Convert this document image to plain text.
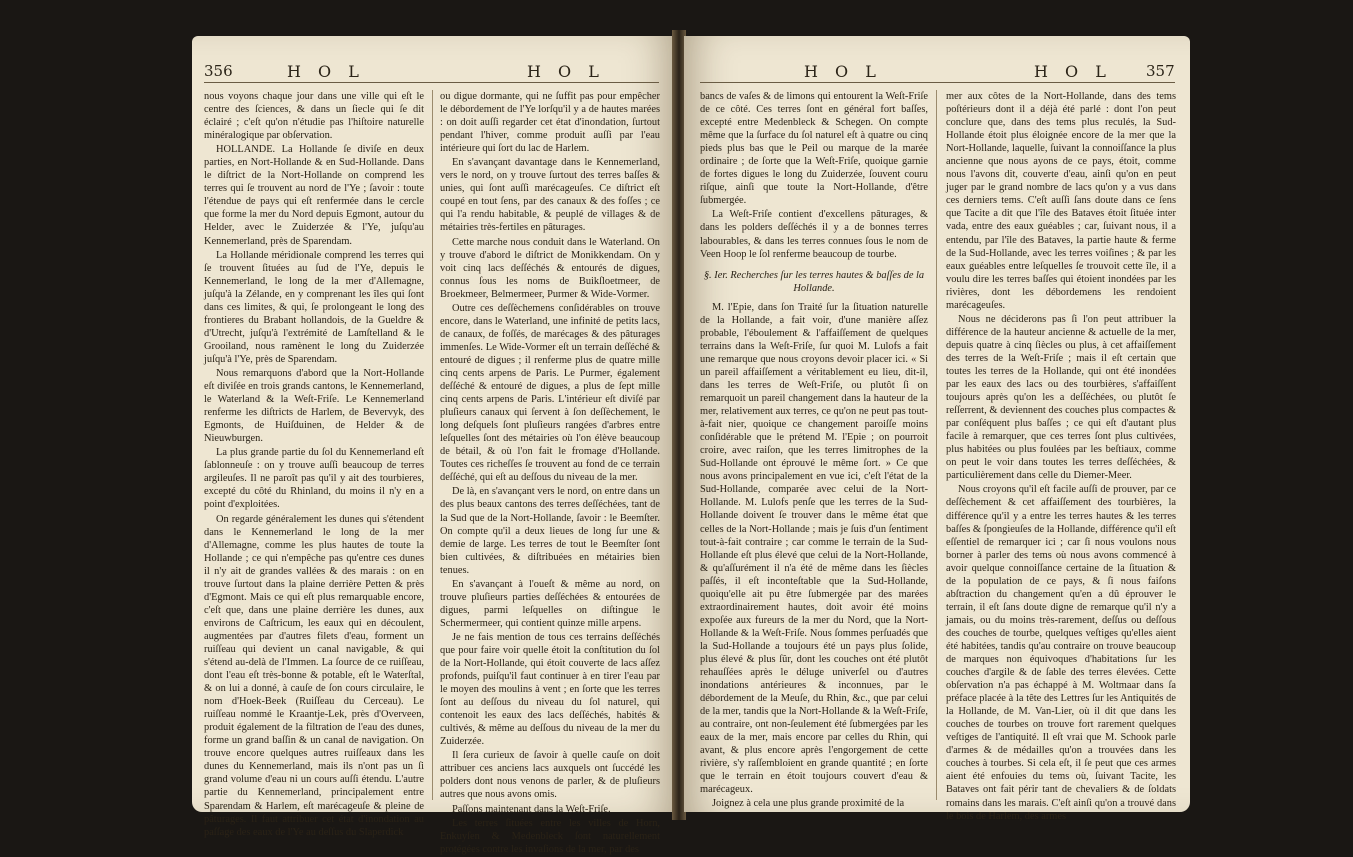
356	H O L	H O L

nous voyons chaque jour dans une ville qui eſt le centre des ſciences, & dans un ſiecle qui ſe dit éclairé ; c'eſt qu'on n'étudie pas l'hiſtoire naturelle minéralogique par obſervation.

HOLLANDE. La Hollande ſe diviſe en deux parties, en Nort-Hollande & en Sud-Hollande. Dans le diſtrict de la Nort-Hollande on comprend les terres qui ſe trouvent au nord de l'Ye ; ſavoir : toute l'étendue de pays qui eſt renfermée dans le cercle que forme la mer du Nord depuis Egmont, autour du Helder, avec le Zuiderzée & l'Ye, juſqu'au Kennemerland, près de Sparendam.

La Hollande méridionale comprend les terres qui ſe trouvent ſituées au ſud de l'Ye, depuis le Kennemerland, le long de la mer d'Allemagne, juſqu'à la Zélande, en y comprenant les îles qui ſont dans ces limites, & qui, ſe prolongeant le long des frontieres du Brabant hollandois, de la Gueldre & d'Utrecht, juſqu'à l'extrémité de Lamſtelland & le Grooiland, nous ramènent le long du Zuiderzée juſqu'à l'Ye, près de Sparendam.

Nous remarquons d'abord que la Nort-Hollande eſt diviſée en trois grands cantons, le Kennemerland, le Waterland & la Weſt-Friſe. Le Kennemerland renferme les diſtricts de Harlem, de Bevervyk, des Egmonts, de Huiſduinen, de Helder & de Nieuwburgen.

La plus grande partie du ſol du Kennemerland eſt ſablonneuſe : on y trouve auſſi beaucoup de terres argileuſes. Il ne paroît pas qu'il y ait des tourbieres, excepté du côté du Rhinland, du moins il n'y en a point d'exploitées.

On regarde généralement les dunes qui s'étendent dans le Kennemerland le long de la mer d'Allemagne, comme les plus hautes de toute la Hollande ; ce qui n'empêche pas qu'entre ces dunes il n'y ait de grandes vallées & des marais : on en trouve ſurtout dans la plaine derrière Petten & près d'Egmont. Mais ce qui eſt plus remarquable encore, c'eſt que, dans une plaine derrière les dunes, aux environs de Caſtricum, les eaux qui en découlent, augmentées par d'autres filets d'eau, forment un ruiſſeau qui devient un canal navigable, & qui s'étend au-delà de l'Immen. La ſource de ce ruiſſeau, dont l'eau eſt très-bonne & potable, eſt le Waterſtal, & on lui a donné, à cauſe de ſon cours circulaire, le nom d'Hoek-Beek (Ruiſſeau du Cerceau). Le ruiſſeau nommé le Kraantje-Lek, près d'Overveen, produit également de la filtration de l'eau des dunes, forme un grand baſſin & un canal de navigation. On trouve encore quelques autres ruiſſeaux dans les dunes du Kennemerland, mais ils n'ont pas un ſi grand volume d'eau ni un cours auſſi étendu. L'autre partie du Kennemerland, principalement entre Sparendam & Harlem, eſt marécageuſe & pleine de pâturages. Il faut attribuer cet état d'inondation au paſſage des eaux de l'Ye au deſſus du Slaperdick

ou digue dormante, qui ne ſuffit pas pour empêcher le débordement de l'Ye lorſqu'il y a de hautes marées : on doit auſſi regarder cet état d'inondation, ſurtout pendant l'hiver, comme produit auſſi par l'eau intérieure qui ſort du lac de Harlem.

En s'avançant davantage dans le Kennemerland, vers le nord, on y trouve ſurtout des terres baſſes & unies, qui ſont auſſi marécageuſes. Ce diſtrict eſt coupé en tout ſens, par des canaux & des foſſes ; ce qui l'a rendu habitable, & peuplé de villages & de métairies très-fertiles en pâturages.

Cette marche nous conduit dans le Waterland. On y trouve d'abord le diſtrict de Monikkendam. On y voit cinq lacs deſſéchés & entourés de digues, connus ſous les noms de Buikſloetmeer, de Broekmeer, Belmermeer, Purmer & Wide-Vormer.

Outre ces deſſèchemens conſidérables on trouve encore, dans le Waterland, une infinité de petits lacs, de canaux, de foſſés, de marécages & des pâturages immenſes. Le Wide-Vormer eſt un terrain deſſéché & entouré de digues ; il renferme plus de quatre mille cinq cents arpens de Paris. Le Purmer, également deſſéché & entouré de digues, a plus de ſept mille cinq cents arpens de Paris. L'intérieur eſt diviſé par pluſieurs canaux qui ſervent à ſon deſſèchement, le long deſquels ſont pluſieurs rangées d'arbres entre leſquelles ſont des métairies où l'on élève beaucoup de bétail, & où l'on fait le fromage d'Hollande. Toutes ces richeſſes ſe trouvent au fond de ce terrain deſſéché, qui eſt au deſſous du niveau de la mer.

De là, en s'avançant vers le nord, on entre dans un des plus beaux cantons des terres deſſéchées, tant de la Sud que de la Nort-Hollande, ſavoir : le Beemſter. On compte qu'il a deux lieues de long ſur une & demie de large. Les terres de tout le Beemſter ſont bien cultivées, & diſtribuées en métairies bien tenues.

En s'avançant à l'oueſt & même au nord, on trouve pluſieurs parties deſſéchées & entourées de digues, parmi leſquelles on diſtingue le Schermermeer, qui contient quinze mille arpens.

Je ne fais mention de tous ces terrains deſſéchés que pour faire voir quelle étoit la conſtitution du ſol de la Nort-Hollande, qui étoit couverte de lacs aſſez profonds, puiſqu'il faut continuer à en tirer l'eau par le moyen des moulins à vent ; en ſorte que les terres ſont au deſſous du niveau du ſol naturel, qui contenoit les eaux des lacs deſſéchés, habités & cultivés, & même au deſſous du niveau de la mer du Zuiderzée.

Il ſera curieux de ſavoir à quelle cauſe on doit attribuer ces anciens lacs auxquels ont ſuccédé les polders dont nous venons de parler, & de pluſieurs autres que nous avons omis.

Paſſons maintenant dans la Weſt-Friſe.

Les terres ſituées entre les villes de Horn, Enkuyſen & Medenbleck ſont naturellement protégées contre les invaſions de la mer, par des

H O L	H O L 357

bancs de vaſes & de limons qui entourent la Weſt-Friſe de ce côté. Ces terres ſont en général fort baſſes, excepté entre Medenbleck & Schegen. On compte même que la ſurface du ſol naturel eſt à quatre ou cinq pieds plus bas que le Peil ou marque de la marée ordinaire ; de ſorte que la Weſt-Friſe, quoique garnie de fortes digues le long du Zuiderzée, ſouvent couru riſque, ainſi que toute la Nort-Hollande, d'être ſubmergée.

La Weſt-Friſe contient d'excellens pâturages, & dans les polders deſſéchés il y a de bonnes terres labourables, & dans les terres connues ſous le nom de Veen Hoop le ſol renferme beaucoup de tourbe.

§. Ier. Recherches ſur les terres hautes & baſſes de la Hollande.

M. l'Epie, dans ſon Traité ſur la ſituation naturelle de la Hollande, a fait voir, d'une manière aſſez probable, l'éboulement & l'affaiſſement de quelques terrains dans la Weſt-Friſe, ſur quoi M. Lulofs a fait une remarque que nous croyons devoir placer ici. « Si un pareil affaiſſement a véritablement eu lieu, dit-il, dans les terres de Weſt-Friſe, ou plutôt ſi on remarquoit un pareil changement dans la hauteur de la mer, relativement aux terres, ce qu'on ne peut pas tout-à-fait nier, quoique ce changement paroiſſe moins conſidérable que le prétend M. l'Epie ; on pourroit croire, avec raiſon, que les terres limitrophes de la Sud-Hollande ont éprouvé le même ſort. » Ce que nous avons principalement en vue ici, c'eſt l'état de la Sud-Hollande, comparée avec celui de la Nort-Hollande. M. Lulofs penſe que les terres de la Sud-Hollande doivent ſe trouver dans le même état que celles de la Nort-Hollande ; mais je ſuis d'un ſentiment tout-à-fait contraire ; car comme le terrain de la Sud-Hollande eſt plus élevé que celui de la Nort-Hollande, & qu'aſſurément il n'a été de même dans les ſiècles paſſés, il eſt inconteſtable que la Sud-Hollande, quoiqu'elle ait pu être ſubmergée par des marées extraordinairement hautes, doit avoir été moins expoſée aux fureurs de la mer du Nord, que la Nort-Hollande & la Weſt-Friſe. Nous ſommes perſuadés que la Sud-Hollande a toujours été un pays plus ſolide, plus élevé & plus ſûr, dont les couches ont été plutôt rehauſſées après le déluge univerſel ou d'autres inondations antérieures & inconnues, par le débordement de la Meuſe, du Rhin, &c., que par celui de la mer, tandis que la Nort-Hollande & la Weſt-Friſe, au contraire, ont non-ſeulement été ſubmergées par les eaux de la mer, mais encore par celles du Rhin, qui avant, & plus encore après l'engorgement de cette rivière, s'y raſſembloient en grande quantité ; en ſorte que le terrain en étoit toujours couvert d'eau & marécageux.

Joignez à cela une plus grande proximité de la

mer aux côtes de la Nort-Hollande, dans des tems poſtérieurs dont il a déjà été parlé : dont l'on peut conclure que, dans des tems plus reculés, la Sud-Hollande étoit plus éloignée encore de la mer que la Nort-Hollande, laquelle, ſuivant la connoiſſance la plus ancienne que nous ayons de ce pays, étoit, comme nous l'avons dit, couverte d'eau, ainſi qu'on en peut juger par le grand nombre de lacs qu'on y a vus dans ces derniers tems. C'eſt auſſi ſans doute dans ce ſens que Tacite a dit que l'île des Bataves étoit ſituée inter vada, entre des eaux guéables ; car, ſuivant nous, il a entendu, par l'île des Bataves, la partie haute & ferme de la Sud-Hollande, avec les terres voiſines ; & par les eaux guéables entre leſquelles ſe trouvoit cette île, il a voulu dire les terres baſſes qui étoient inondées par les rivières, dont les débordemens les rendoient marécageuſes.

Nous ne déciderons pas ſi l'on peut attribuer la différence de la hauteur ancienne & actuelle de la mer, depuis quatre à cinq ſiècles ou plus, à cet affaiſſement des terres de la Weſt-Friſe ; mais il eſt certain que toutes les terres de la Hollande, qui ont été inondées par les eaux des lacs ou des tourbières, s'affaiſſent toujours après qu'on les a deſſéchées, ou plutôt ſe reſſerrent, & deviennent des couches plus compactes & par conſéquent plus baſſes ; ce qui eſt d'autant plus facile à remarquer, que ces terres ſont plus cultivées, plus habitées ou plus foulées par les beſtiaux, comme on peut le voir dans toutes les terres deſſéchées, & particulièrement dans celle du Diemer-Meer.

Nous croyons qu'il eſt facile auſſi de prouver, par ce deſſèchement & cet affaiſſement des tourbières, la différence qu'il y a entre les terres hautes & les terres baſſes & ſpongieuſes de la Hollande, différence qu'il eſt eſſentiel de remarquer ici ; car ſi nous voulons nous borner à parler des tems où nous avons commencé à avoir quelque connoiſſance certaine de la ſituation & de la population de ce pays, & ſi nous faiſons abſtraction du changement qu'en a dû éprouver le terrain, il eſt ſans doute digne de remarque qu'il n'y a jamais, ou du moins très-rarement, deſſus ou deſſous des couches de tourbe, quelques veſtiges qu'elles aient été habitées, tandis qu'au contraire on trouve beaucoup de marques non équivoques d'habitations ſur les couches d'argile & de ſable des terres élevées. Cette obſervation n'a pas échappé à M. Woltmaar dans ſa préface placée à la tête des Lettres ſur les Antiquités de la Hollande, de M. Van-Lier, où il dit que dans les couches de tourbes on trouve fort rarement quelques veſtiges de l'antiquité. Il eſt vrai que M. Schook parle d'armes & de médailles qu'on a trouvées dans les couches à tourbes. Si cela eſt, il ſe peut que ces armes aient été enfouies du tems où, ſuivant Tacite, les Bataves ont fait périr tant de chevaliers & de ſoldats romains dans les marais. C'eſt ainſi qu'on a trouvé dans le bois de Harlem, des armes
